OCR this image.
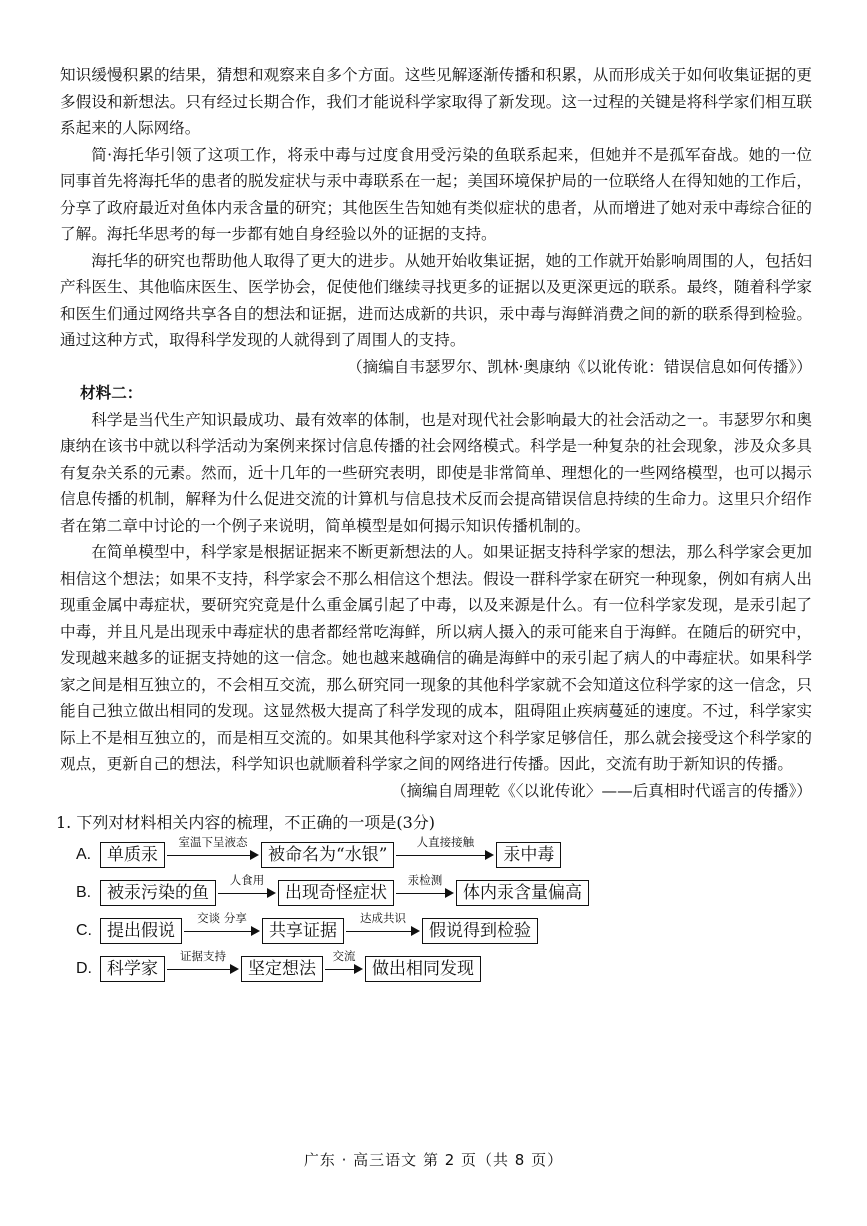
知识缓慢积累的结果，猜想和观察来自多个方面。这些见解逐渐传播和积累，从而形成关于如何收集证据的更多假设和新想法。只有经过长期合作，我们才能说科学家取得了新发现。这一过程的关键是将科学家们相互联系起来的人际网络。

简·海托华引领了这项工作，将汞中毒与过度食用受污染的鱼联系起来，但她并不是孤军奋战。她的一位同事首先将海托华的患者的脱发症状与汞中毒联系在一起；美国环境保护局的一位联络人在得知她的工作后，分享了政府最近对鱼体内汞含量的研究；其他医生告知她有类似症状的患者，从而增进了她对汞中毒综合征的了解。海托华思考的每一步都有她自身经验以外的证据的支持。

海托华的研究也帮助他人取得了更大的进步。从她开始收集证据，她的工作就开始影响周围的人，包括妇产科医生、其他临床医生、医学协会，促使他们继续寻找更多的证据以及更深更远的联系。最终，随着科学家和医生们通过网络共享各自的想法和证据，进而达成新的共识，汞中毒与海鲜消费之间的新的联系得到检验。通过这种方式，取得科学发现的人就得到了周围人的支持。

（摘编自韦瑟罗尔、凯林·奥康纳《以讹传讹：错误信息如何传播》）

材料二：

科学是当代生产知识最成功、最有效率的体制，也是对现代社会影响最大的社会活动之一。韦瑟罗尔和奥康纳在该书中就以科学活动为案例来探讨信息传播的社会网络模式。科学是一种复杂的社会现象，涉及众多具有复杂关系的元素。然而，近十几年的一些研究表明，即使是非常简单、理想化的一些网络模型，也可以揭示信息传播的机制，解释为什么促进交流的计算机与信息技术反而会提高错误信息持续的生命力。这里只介绍作者在第二章中讨论的一个例子来说明，简单模型是如何揭示知识传播机制的。

在简单模型中，科学家是根据证据来不断更新想法的人。如果证据支持科学家的想法，那么科学家会更加相信这个想法；如果不支持，科学家会不那么相信这个想法。假设一群科学家在研究一种现象，例如有病人出现重金属中毒症状，要研究究竟是什么重金属引起了中毒，以及来源是什么。有一位科学家发现，是汞引起了中毒，并且凡是出现汞中毒症状的患者都经常吃海鲜，所以病人摄入的汞可能来自于海鲜。在随后的研究中，发现越来越多的证据支持她的这一信念。她也越来越确信的确是海鲜中的汞引起了病人的中毒症状。如果科学家之间是相互独立的，不会相互交流，那么研究同一现象的其他科学家就不会知道这位科学家的这一信念，只能自己独立做出相同的发现。这显然极大提高了科学发现的成本，阻碍阻止疾病蔓延的速度。不过，科学家实际上不是相互独立的，而是相互交流的。如果其他科学家对这个科学家足够信任，那么就会接受这个科学家的观点，更新自己的想法，科学知识也就顺着科学家之间的网络进行传播。因此，交流有助于新知识的传播。

（摘编自周理乾《〈以讹传讹〉——后真相时代谣言的传播》）

1. 下列对材料相关内容的梳理，不正确的一项是(3分)

A. 单质汞
室温下呈液态
被命名为“水银”
人直接接触
汞中毒
B. 被汞污染的鱼
人食用
出现奇怪症状
汞检测
体内汞含量偏高
C. 提出假说
交谈 分享
共享证据
达成共识
假说得到检验
D. 科学家
证据支持
坚定想法
交流
做出相同发现
广东 · 高三语文 第 2 页（共 8 页）
